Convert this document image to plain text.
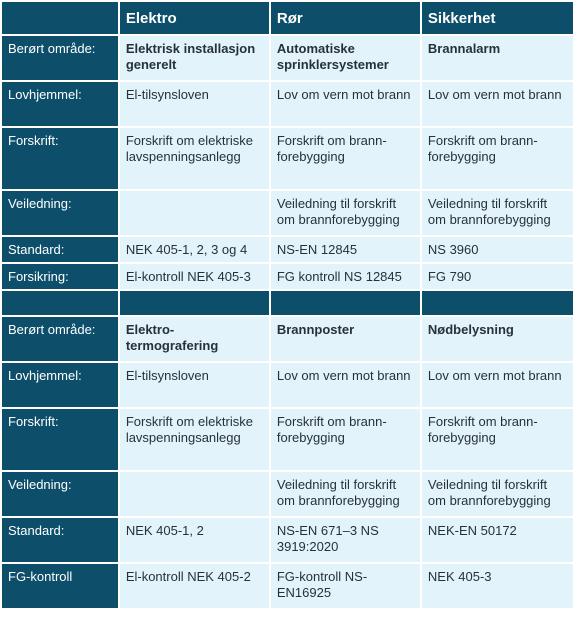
	Elektro	Rør	Sikkerhet
Berørt område:	Elektrisk installasjon generelt	Automatiske sprinklersystemer	Brannalarm
Lovhjemmel:	El-tilsynsloven	Lov om vern mot brann	Lov om vern mot brann
Forskrift:	Forskrift om elektriske lavspenningsanlegg	Forskrift om brann-forebygging	Forskrift om brann-forebygging
Veiledning:		Veiledning til forskrift om brannforebygging	Veiledning til forskrift om brannforebygging
Standard:	NEK 405-1, 2, 3 og 4	NS-EN 12845	NS 3960
Forsikring:	El-kontroll NEK 405-3	FG kontroll NS 12845	FG 790

Berørt område:	Elektro-termografering	Brannposter	Nødbelysning
Lovhjemmel:	El-tilsynsloven	Lov om vern mot brann	Lov om vern mot brann
Forskrift:	Forskrift om elektriske lavspenningsanlegg	Forskrift om brann-forebygging	Forskrift om brann-forebygging
Veiledning:		Veiledning til forskrift om brannforebygging	Veiledning til forskrift om brannforebygging
Standard:	NEK 405-1, 2	NS-EN 671–3 NS 3919:2020	NEK-EN 50172
FG-kontroll	El-kontroll NEK 405-2	FG-kontroll NS-EN16925	NEK 405-3
